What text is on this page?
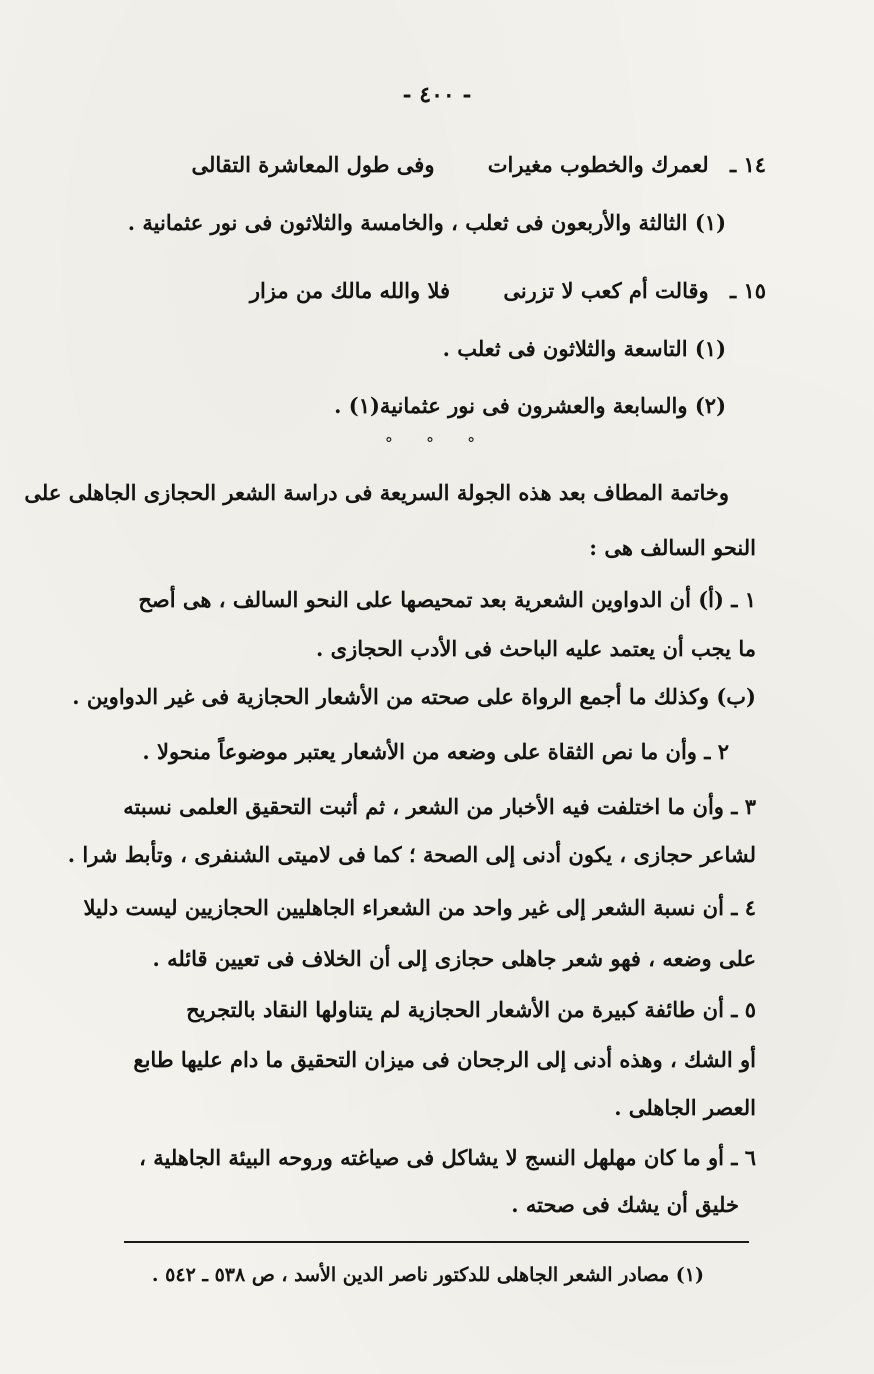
- ٤٠٠ -
١٤ ـ لعمرك والخطوب مغيرات وفى طول المعاشرة التقالى
(١) الثالثة والأربعون فى ثعلب ، والخامسة والثلاثون فى نور عثمانية .
١٥ ـ وقالت أم كعب لا تزرنى فلا والله مالك من مزار
(١) التاسعة والثلاثون فى ثعلب .
(٢) والسابعة والعشرون فى نور عثمانية(١) .
° ° °
وخاتمة المطاف بعد هذه الجولة السريعة فى دراسة الشعر الحجازى الجاهلى على
النحو السالف هى :
١ ـ (أ) أن الدواوين الشعرية بعد تمحيصها على النحو السالف ، هى أصح
ما يجب أن يعتمد عليه الباحث فى الأدب الحجازى .
(ب) وكذلك ما أجمع الرواة على صحته من الأشعار الحجازية فى غير الدواوين .
٢ ـ وأن ما نص الثقاة على وضعه من الأشعار يعتبر موضوعاً منحولا .
٣ ـ وأن ما اختلفت فيه الأخبار من الشعر ، ثم أثبت التحقيق العلمى نسبته
لشاعر حجازى ، يكون أدنى إلى الصحة ؛ كما فى لاميتى الشنفرى ، وتأبط شرا .
٤ ـ أن نسبة الشعر إلى غير واحد من الشعراء الجاهليين الحجازيين ليست دليلا
على وضعه ، فهو شعر جاهلى حجازى إلى أن الخلاف فى تعيين قائله .
٥ ـ أن طائفة كبيرة من الأشعار الحجازية لم يتناولها النقاد بالتجريح
أو الشك ، وهذه أدنى إلى الرجحان فى ميزان التحقيق ما دام عليها طابع
العصر الجاهلى .
٦ ـ أو ما كان مهلهل النسج لا يشاكل فى صياغته وروحه البيئة الجاهلية ،
خليق أن يشك فى صحته .
(١) مصادر الشعر الجاهلى للدكتور ناصر الدين الأسد ، ص ٥٣٨ ـ ٥٤٢ .
